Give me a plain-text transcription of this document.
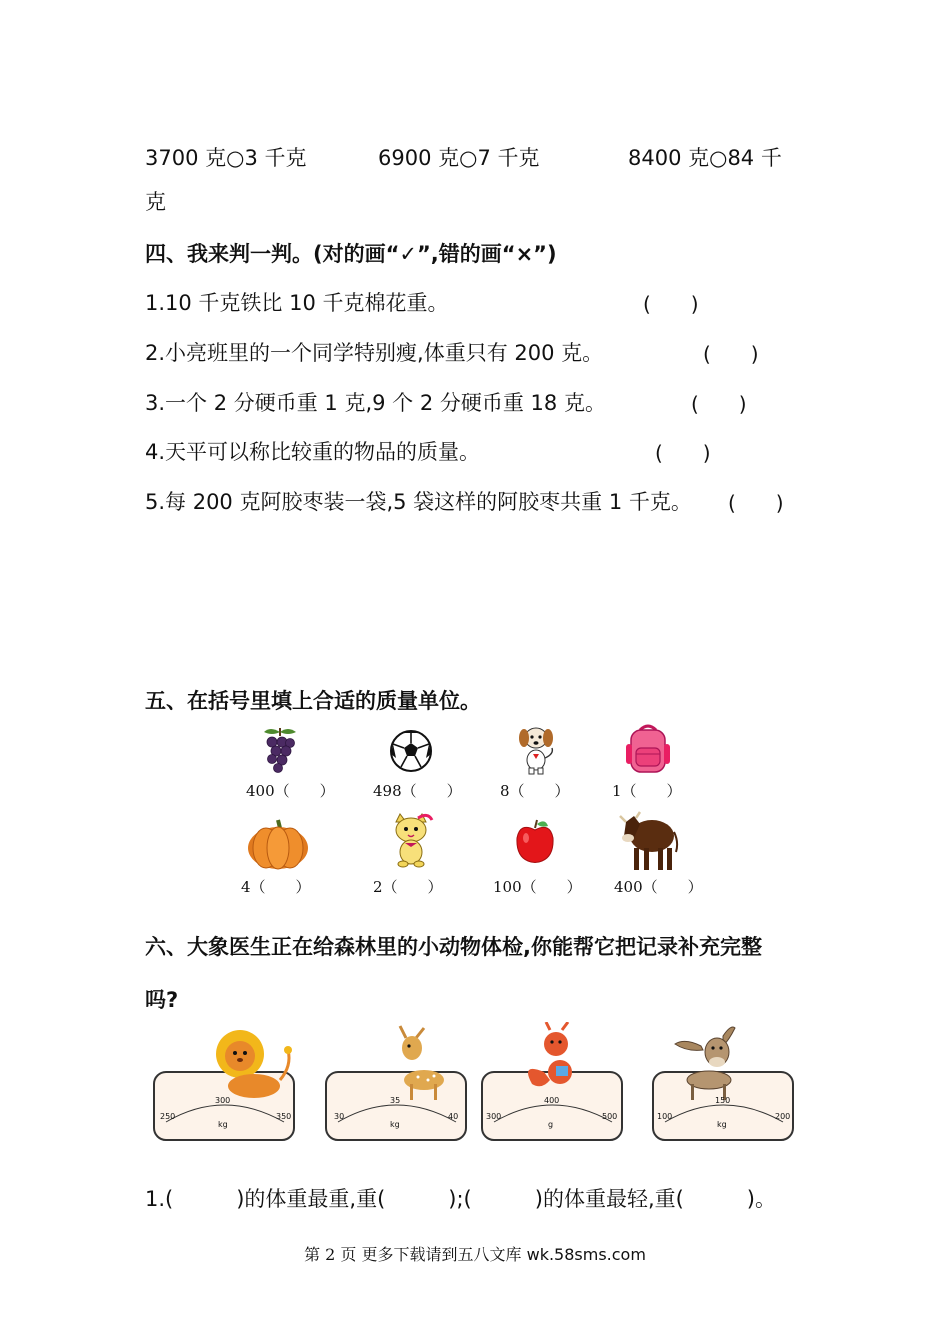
3700 克○3 千克	6900 克○7 千克	8400 克○84 千
克
四、我来判一判。(对的画“✓”,错的画“×”)
1.10 千克铁比 10 千克棉花重。	(　　)
2.小亮班里的一个同学特别瘦,体重只有 200 克。	(　　)
3.一个 2 分硬币重 1 克,9 个 2 分硬币重 18 克。	(　　)
4.天平可以称比较重的物品的质量。	(　　)
5.每 200 克阿胶枣装一袋,5 袋这样的阿胶枣共重 1 千克。 (　　)
五、在括号里填上合适的质量单位。
400（　　）	498（　　）	8（　　）	1（　　）
4（　　）	2（　　）	100（　　） 400（　　）
六、大象医生正在给森林里的小动物体检,你能帮它把记录补充完整
吗?
250
300
350
kg
30
35
40
kg
300
400
500
g
100
150
200
kg
1.(　　　)的体重最重,重(　　　);(　　　)的体重最轻,重(　　　)。
第 2 页 更多下载请到五八文库 wk.58sms.com
